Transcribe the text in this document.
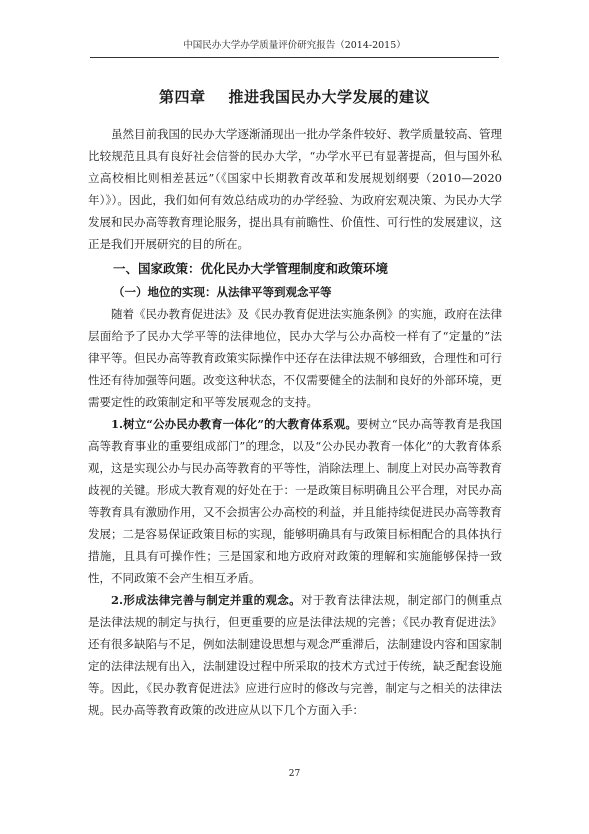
中国民办大学办学质量评价研究报告（2014-2015）
第四章 推进我国民办大学发展的建议

虽然目前我国的民办大学逐渐涌现出一批办学条件较好、教学质量较高、管理比较规范且具有良好社会信誉的民办大学，“办学水平已有显著提高，但与国外私立高校相比则相差甚远”（《国家中长期教育改革和发展规划纲要（2010—2020年）》）。因此，我们如何有效总结成功的办学经验、为政府宏观决策、为民办大学发展和民办高等教育理论服务，提出具有前瞻性、价值性、可行性的发展建议，这正是我们开展研究的目的所在。

一、国家政策：优化民办大学管理制度和政策环境
（一）地位的实现：从法律平等到观念平等

随着《民办教育促进法》及《民办教育促进法实施条例》的实施，政府在法律层面给予了民办大学平等的法律地位，民办大学与公办高校一样有了“定量的”法律平等。但民办高等教育政策实际操作中还存在法律法规不够细致，合理性和可行性还有待加强等问题。改变这种状态，不仅需要健全的法制和良好的外部环境，更需要定性的政策制定和平等发展观念的支持。

1.树立“公办民办教育一体化”的大教育体系观。要树立“民办高等教育是我国高等教育事业的重要组成部门”的理念，以及“公办民办教育一体化”的大教育体系观，这是实现公办与民办高等教育的平等性，消除法理上、制度上对民办高等教育歧视的关键。形成大教育观的好处在于：一是政策目标明确且公平合理，对民办高等教育具有激励作用，又不会损害公办高校的利益，并且能持续促进民办高等教育发展；二是容易保证政策目标的实现，能够明确具有与政策目标相配合的具体执行措施，且具有可操作性；三是国家和地方政府对政策的理解和实施能够保持一致性，不同政策不会产生相互矛盾。

2.形成法律完善与制定并重的观念。对于教育法律法规，制定部门的侧重点是法律法规的制定与执行，但更重要的应是法律法规的完善；《民办教育促进法》还有很多缺陷与不足，例如法制建设思想与观念严重滞后，法制建设内容和国家制定的法律法规有出入，法制建设过程中所采取的技术方式过于传统，缺乏配套设施等。因此，《民办教育促进法》应进行应时的修改与完善，制定与之相关的法律法规。民办高等教育政策的改进应从以下几个方面入手：

27
